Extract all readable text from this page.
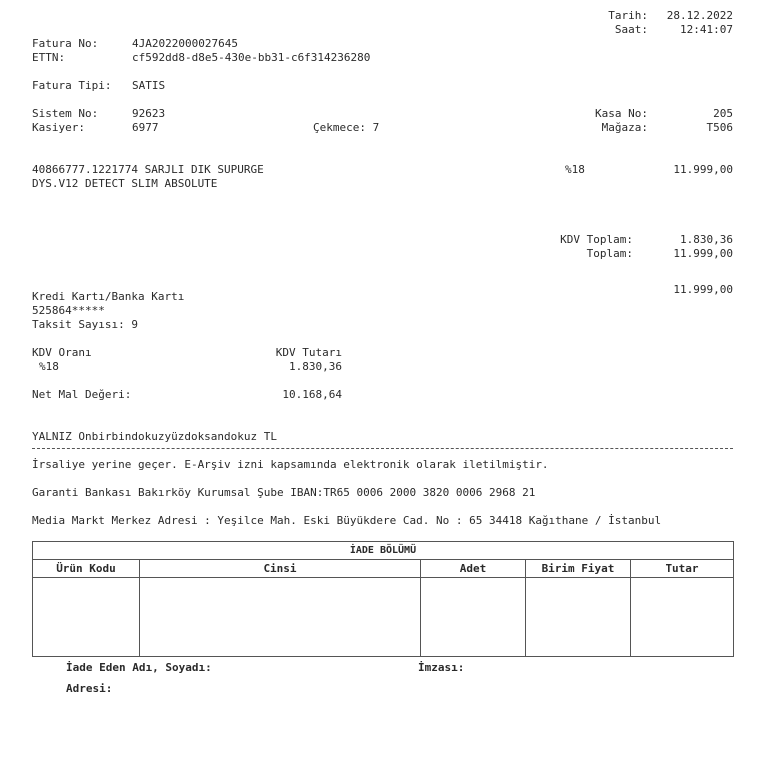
Tarih: 28.12.2022
Saat:	12:41:07
Fatura No:	4JA2022000027645
ETTN:	cf592dd8-d8e5-430e-bb31-c6f314236280
Fatura Tipi: SATIS
Sistem No:	92623
Kasiyer:	6977	Çekmece: 7
Kasa No:	205
Mağaza:	T506
40866777.1221774 SARJLI DIK SUPURGE
DYS.V12 DETECT SLIM ABSOLUTE
%18	11.999,00
KDV Toplam:	1.830,36
Toplam:	11.999,00
11.999,00
Kredi Kartı/Banka Kartı
525864*****
Taksit Sayısı: 9
KDV Oranı	KDV Tutarı
%18	1.830,36
Net Mal Değeri:	10.168,64
YALNIZ Onbirbindokuzyüzdoksandokuz TL
İrsaliye yerine geçer. E-Arşiv izni kapsamında elektronik olarak iletilmiştir.
Garanti Bankası Bakırköy Kurumsal Şube IBAN:TR65 0006 2000 3820 0006 2968 21
Media Markt Merkez Adresi : Yeşilce Mah. Eski Büyükdere Cad. No : 65 34418 Kağıthane / İstanbul
İADE BÖLÜMÜ				
Ürün Kodu	Cinsi	Adet	Birim Fiyat	Tutar

İade Eden Adı, Soyadı:	İmzası:
Adresi:
